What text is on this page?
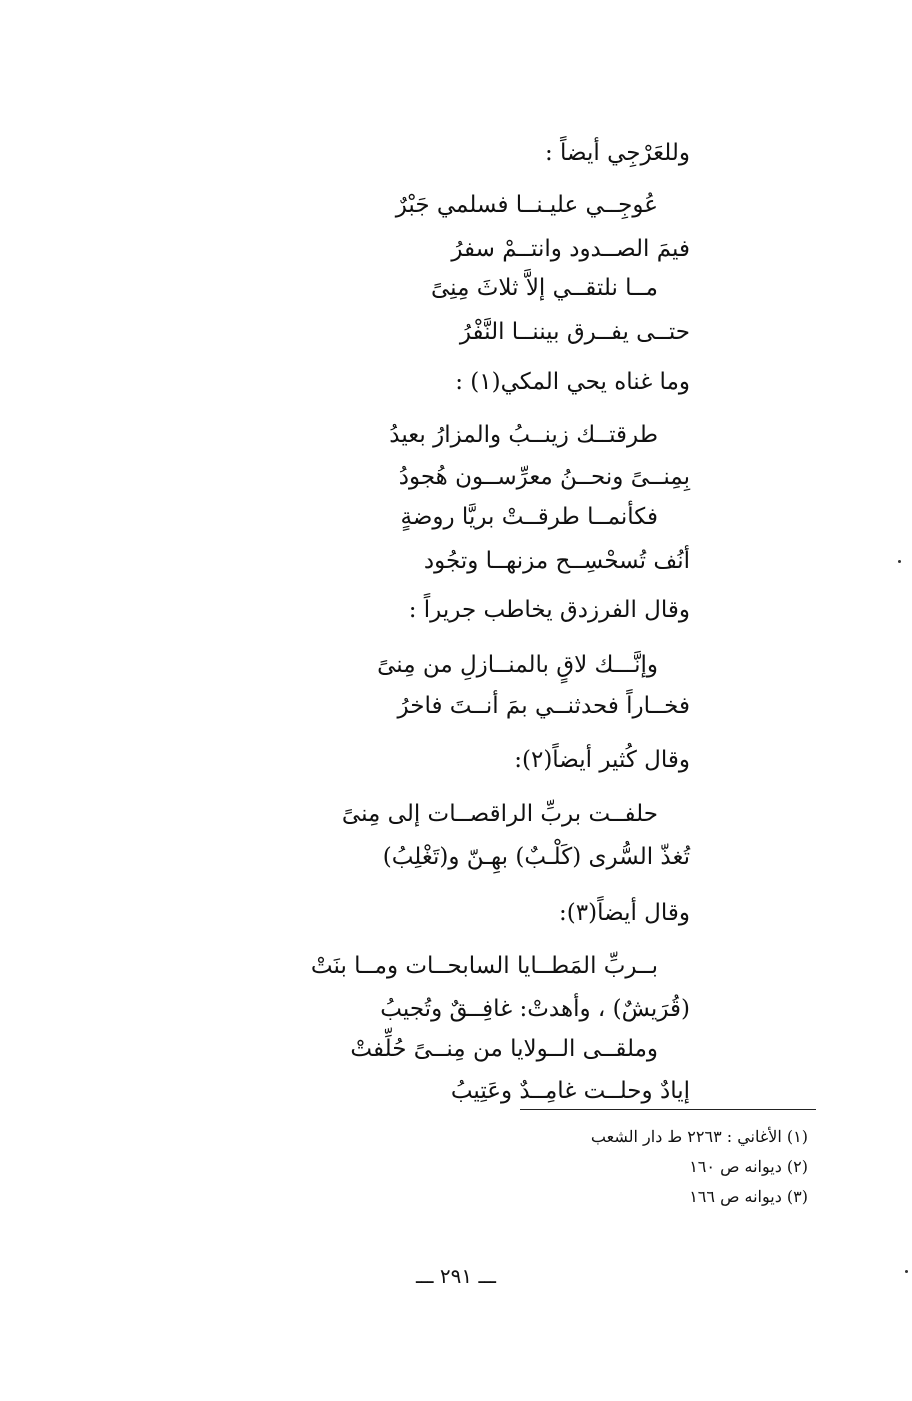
وللعَرْجِي أيضاً :
عُوجِــي عليـنــا فسلمي جَبْرٌ
فيمَ الصــدود وانتــمْ سفرُ
مــا نلتقــي إلاَّ ثلاثَ مِنِىً
حتــى يفــرق بيننــا النَّفْرُ
وما غناه يحي المكي(١) :
طرقتــك زينــبُ والمزارُ بعيدُ
بِمِنــىً ونحــنُ معرِّســون هُجودُ
فكأنمــا طرقــتْ بريَّا روضةٍ
أنُف تُسحْسِــح مزنهــا وتجُود
وقال الفرزدق يخاطب جريراً :
وإنَّـــك لاقٍ بالمنــازلِ من مِنىً
فخــاراً فحدثنــي بمَ أنــتَ فاخرُ
وقال كُثير أيضاً(٢):
حلفــت بربِّ الراقصــات إلى مِنىً
تُغذّ السُّرى (كَلْـبٌ) بهِـنّ و(تَغْلِبُ)
وقال أيضاً(٣):
بــربِّ المَطــايا السابحــات ومــا بنَتْ
(قُرَيشٌ) ، وأهدتْ: غافِــقٌ وتُجيبُ
وملقــى الــولايا من مِنــىً حُلِّفتْ
إيادٌ وحلــت غامِــدٌ وعَتِيبُ
(١) الأغاني : ٢٢٦٣ ط دار الشعب
(٢) ديوانه ص ١٦٠
(٣) ديوانه ص ١٦٦
ـــ ٢٩١ ـــ
